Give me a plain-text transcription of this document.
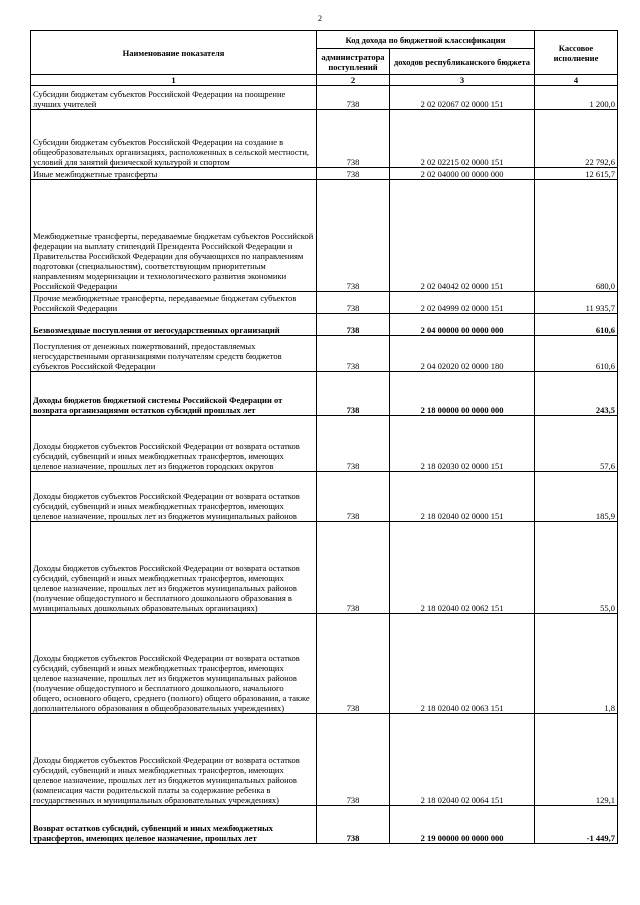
2
Наименование показателя	Код дохода по бюджетной классификации		Кассовое исполнение
	администратора поступлений	доходов республиканского бюджета	
1	2	3	4
Субсидии бюджетам субъектов Российской Федерации на поощрение лучших учителей	738	2 02 02067 02 0000 151	1 200,0
Субсидии бюджетам субъектов Российской Федерации на создание в общеобразовательных организациях, расположенных в сельской местности, условий для занятий физической культурой и спортом	738	2 02 02215 02 0000 151	22 792,6
Иные межбюджетные трансферты	738	2 02 04000 00 0000 000	12 615,7
Межбюджетные трансферты, передаваемые бюджетам субъектов Российской федерации на выплату стипендий Президента Российской Федерации и Правительства Российской Федерации для обучающихся по направлениям подготовки (специальностям), соответствующим приоритетным направлениям модернизации и технологического развития экономики Российской Федерации	738	2 02 04042 02 0000 151	680,0
Прочие межбюджетные трансферты, передаваемые бюджетам субъектов Российской Федерации	738	2 02 04999 02 0000 151	11 935,7
Безвозмездные поступления от негосударственных организаций	738	2 04 00000 00 0000 000	610,6
Поступления от денежных пожертвований, предоставляемых негосударственными организациями получателям средств бюджетов субъектов Российской Федерации	738	2 04 02020 02 0000 180	610,6
Доходы бюджетов бюджетной системы Российской Федерации от возврата организациями остатков субсидий прошлых лет	738	2 18 00000 00 0000 000	243,5
Доходы бюджетов субъектов Российской Федерации от возврата остатков субсидий, субвенций и иных межбюджетных трансфертов, имеющих целевое назначение, прошлых лет из бюджетов городских округов	738	2 18 02030 02 0000 151	57,6
Доходы бюджетов субъектов Российской Федерации от возврата остатков субсидий, субвенций и иных межбюджетных трансфертов, имеющих целевое назначение, прошлых лет из бюджетов муниципальных районов	738	2 18 02040 02 0000 151	185,9
Доходы бюджетов субъектов Российской Федерации от возврата остатков субсидий, субвенций и иных межбюджетных трансфертов, имеющих целевое назначение, прошлых лет из бюджетов муниципальных районов (получение общедоступного и бесплатного дошкольного образования в муниципальных дошкольных образовательных организациях)	738	2 18 02040 02 0062 151	55,0
Доходы бюджетов субъектов Российской Федерации от возврата остатков субсидий, субвенций и иных межбюджетных трансфертов, имеющих целевое назначение, прошлых лет из бюджетов муниципальных районов (получение общедоступного и бесплатного дошкольного, начального общего, основного общего, среднего (полного) общего образования, а также дополнительного образования в общеобразовательных учреждениях)	738	2 18 02040 02 0063 151	1,8
Доходы бюджетов субъектов Российской Федерации от возврата остатков субсидий, субвенций и иных межбюджетных трансфертов, имеющих целевое назначение, прошлых лет из бюджетов муниципальных районов (компенсация части родительской платы за содержание ребенка в государственных и муниципальных образовательных учреждениях)	738	2 18 02040 02 0064 151	129,1
Возврат остатков субсидий, субвенций и иных межбюджетных трансфертов, имеющих целевое назначение, прошлых лет	738	2 19 00000 00 0000 000	-1 449,7
